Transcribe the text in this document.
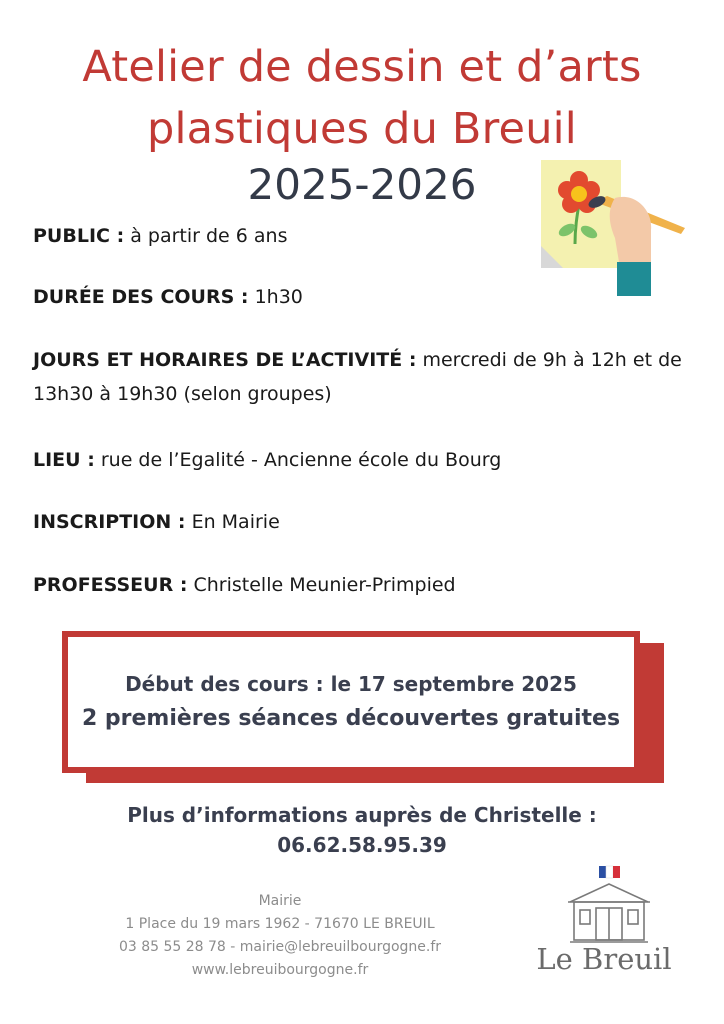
Atelier de dessin et d’arts
plastiques du Breuil
2025-2026
PUBLIC : à partir de 6 ans
DURÉE DES COURS : 1h30
JOURS ET HORAIRES DE L’ACTIVITÉ : mercredi de 9h à 12h et de 13h30 à 19h30 (selon groupes)
LIEU : rue de l’Egalité - Ancienne école du Bourg
INSCRIPTION : En Mairie
PROFESSEUR : Christelle Meunier-Primpied
Début des cours : le 17 septembre 2025
2 premières séances découvertes gratuites
Plus d’informations auprès de Christelle :
06.62.58.95.39
Mairie
1 Place du 19 mars 1962 - 71670 LE BREUIL
03 85 55 28 78 - mairie@lebreuilbourgogne.fr
www.lebreuibourgogne.fr	Le Breuil
